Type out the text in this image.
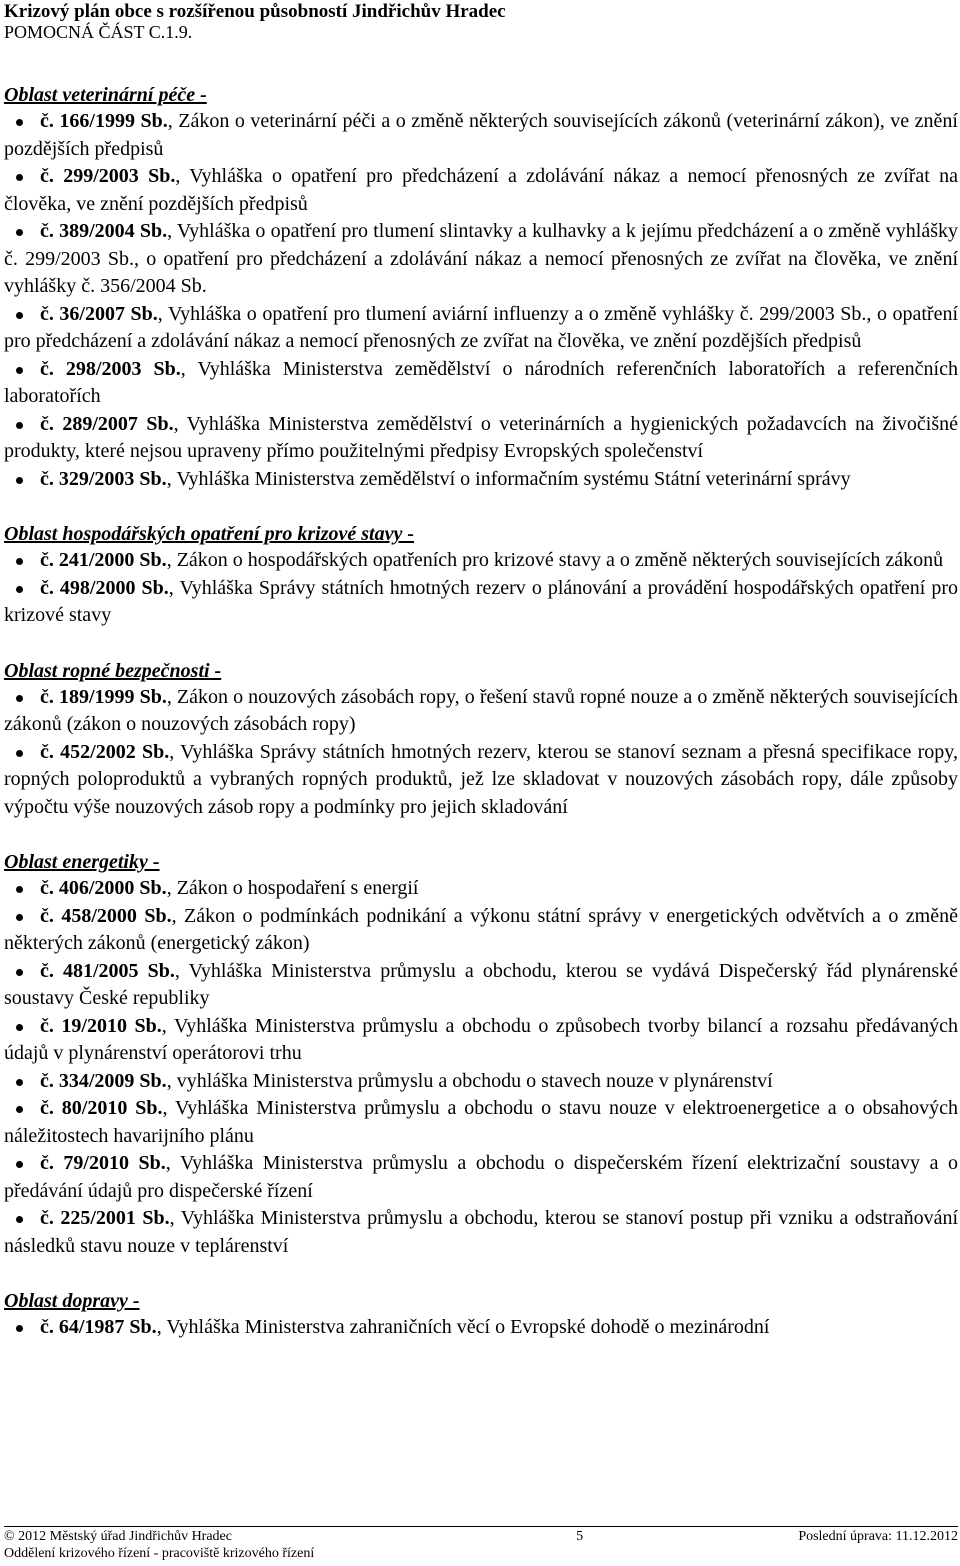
Krizový plán obce s rozšířenou působností Jindřichův Hradec
POMOCNÁ ČÁST C.1.9.
Oblast veterinární péče -
č. 166/1999 Sb., Zákon o veterinární péči a o změně některých souvisejících zákonů (veterinární zákon), ve znění pozdějších předpisů
č. 299/2003 Sb., Vyhláška o opatření pro předcházení a zdolávání nákaz a nemocí přenosných ze zvířat na člověka, ve znění pozdějších předpisů
č. 389/2004 Sb., Vyhláška o opatření pro tlumení slintavky a kulhavky a k jejímu předcházení a o změně vyhlášky č. 299/2003 Sb., o opatření pro předcházení a zdolávání nákaz a nemocí přenosných ze zvířat na člověka, ve znění vyhlášky č. 356/2004 Sb.
č. 36/2007 Sb., Vyhláška o opatření pro tlumení aviární influenzy a o změně vyhlášky č. 299/2003 Sb., o opatření pro předcházení a zdolávání nákaz a nemocí přenosných ze zvířat na člověka, ve znění pozdějších předpisů
č. 298/2003 Sb., Vyhláška Ministerstva zemědělství o národních referenčních laboratořích a referenčních laboratořích
č. 289/2007 Sb., Vyhláška Ministerstva zemědělství o veterinárních a hygienických požadavcích na živočišné produkty, které nejsou upraveny přímo použitelnými předpisy Evropských společenství
č. 329/2003 Sb., Vyhláška Ministerstva zemědělství o informačním systému Státní veterinární správy
Oblast hospodářských opatření pro krizové stavy -
č. 241/2000 Sb., Zákon o hospodářských opatřeních pro krizové stavy a o změně některých souvisejících zákonů
č. 498/2000 Sb., Vyhláška Správy státních hmotných rezerv o plánování a provádění hospodářských opatření pro krizové stavy
Oblast ropné bezpečnosti -
č. 189/1999 Sb., Zákon o nouzových zásobách ropy, o řešení stavů ropné nouze a o změně některých souvisejících zákonů (zákon o nouzových zásobách ropy)
č. 452/2002 Sb., Vyhláška Správy státních hmotných rezerv, kterou se stanoví seznam a přesná specifikace ropy, ropných poloproduktů a vybraných ropných produktů, jež lze skladovat v nouzových zásobách ropy, dále způsoby výpočtu výše nouzových zásob ropy a podmínky pro jejich skladování
Oblast energetiky -
č. 406/2000 Sb., Zákon o hospodaření s energií
č. 458/2000 Sb., Zákon o podmínkách podnikání a výkonu státní správy v energetických odvětvích a o změně některých zákonů (energetický zákon)
č. 481/2005 Sb., Vyhláška Ministerstva průmyslu a obchodu, kterou se vydává Dispečerský řád plynárenské soustavy České republiky
č. 19/2010 Sb., Vyhláška Ministerstva průmyslu a obchodu o způsobech tvorby bilancí a rozsahu předávaných údajů v plynárenství operátorovi trhu
č. 334/2009 Sb., vyhláška Ministerstva průmyslu a obchodu o stavech nouze v plynárenství
č. 80/2010 Sb., Vyhláška Ministerstva průmyslu a obchodu o stavu nouze v elektroenergetice a o obsahových náležitostech havarijního plánu
č. 79/2010 Sb., Vyhláška Ministerstva průmyslu a obchodu o dispečerském řízení elektrizační soustavy a o předávání údajů pro dispečerské řízení
č. 225/2001 Sb., Vyhláška Ministerstva průmyslu a obchodu, kterou se stanoví postup při vzniku a odstraňování následků stavu nouze v teplárenství
Oblast dopravy -
č. 64/1987 Sb., Vyhláška Ministerstva zahraničních věcí o Evropské dohodě o mezinárodní
© 2012 Městský úřad Jindřichův Hradec	5	Poslední úprava: 11.12.2012
Oddělení krizového řízení - pracoviště krizového řízení
